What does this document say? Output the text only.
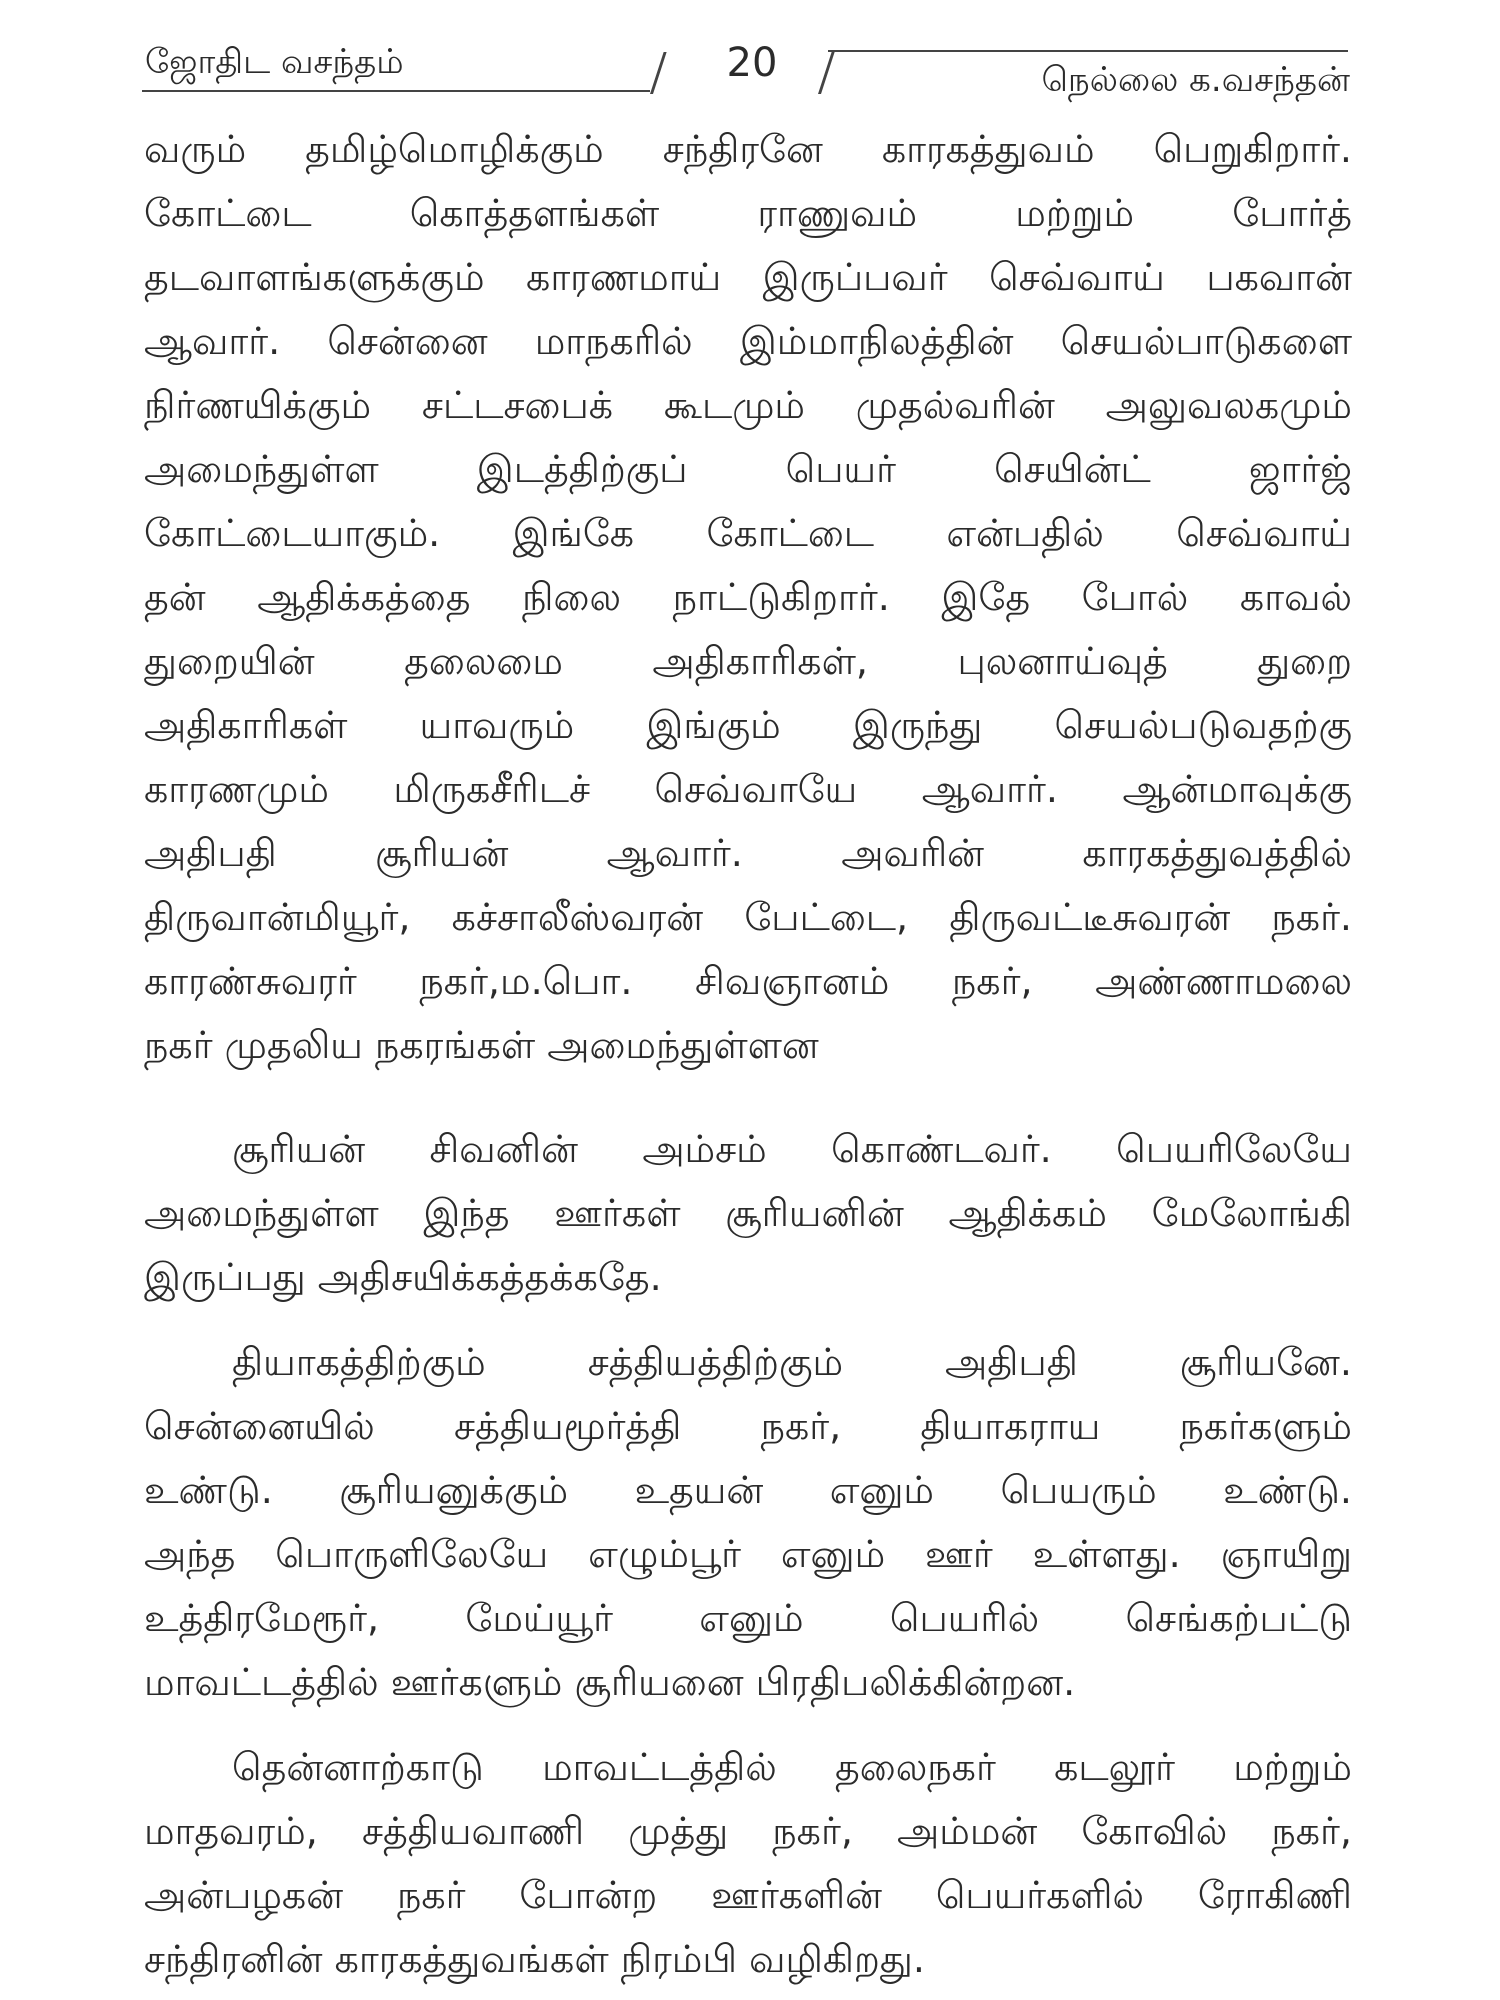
ஜோதிட வசந்தம்	20	நெல்லை க.வசந்தன்
வரும் தமிழ்மொழிக்கும் சந்திரனே காரகத்துவம் பெறுகிறார்.
கோட்டை கொத்தளங்கள் ராணுவம் மற்றும் போர்த்
தடவாளங்களுக்கும் காரணமாய் இருப்பவர் செவ்வாய் பகவான்
ஆவார். சென்னை மாநகரில் இம்மாநிலத்தின் செயல்பாடுகளை
நிர்ணயிக்கும் சட்டசபைக் கூடமும் முதல்வரின் அலுவலகமும்
அமைந்துள்ள இடத்திற்குப் பெயர் செயின்ட் ஜார்ஜ்
கோட்டையாகும். இங்கே கோட்டை என்பதில் செவ்வாய்
தன் ஆதிக்கத்தை நிலை நாட்டுகிறார். இதே போல் காவல்
துறையின் தலைமை அதிகாரிகள், புலனாய்வுத் துறை
அதிகாரிகள் யாவரும் இங்கும் இருந்து செயல்படுவதற்கு
காரணமும் மிருகசீரிடச் செவ்வாயே ஆவார். ஆன்மாவுக்கு
அதிபதி சூரியன் ஆவார். அவரின் காரகத்துவத்தில்
திருவான்மியூர், கச்சாலீஸ்வரன் பேட்டை, திருவட்டீசுவரன் நகர்.
காரண்சுவரர் நகர்,ம.பொ. சிவஞானம் நகர், அண்ணாமலை
நகர் முதலிய நகரங்கள் அமைந்துள்ளன
சூரியன் சிவனின் அம்சம் கொண்டவர். பெயரிலேயே
அமைந்துள்ள இந்த ஊர்கள் சூரியனின் ஆதிக்கம் மேலோங்கி
இருப்பது அதிசயிக்கத்தக்கதே.
தியாகத்திற்கும் சத்தியத்திற்கும் அதிபதி சூரியனே.
சென்னையில் சத்தியமூர்த்தி நகர், தியாகராய நகர்களும்
உண்டு. சூரியனுக்கும் உதயன் எனும் பெயரும் உண்டு.
அந்த பொருளிலேயே எழும்பூர் எனும் ஊர் உள்ளது. ஞாயிறு
உத்திரமேரூர், மேய்யூர் எனும் பெயரில் செங்கற்பட்டு
மாவட்டத்தில் ஊர்களும் சூரியனை பிரதிபலிக்கின்றன.
தென்னாற்காடு மாவட்டத்தில் தலைநகர் கடலூர் மற்றும்
மாதவரம், சத்தியவாணி முத்து நகர், அம்மன் கோவில் நகர்,
அன்பழகன் நகர் போன்ற ஊர்களின் பெயர்களில் ரோகிணி
சந்திரனின் காரகத்துவங்கள் நிரம்பி வழிகிறது.
